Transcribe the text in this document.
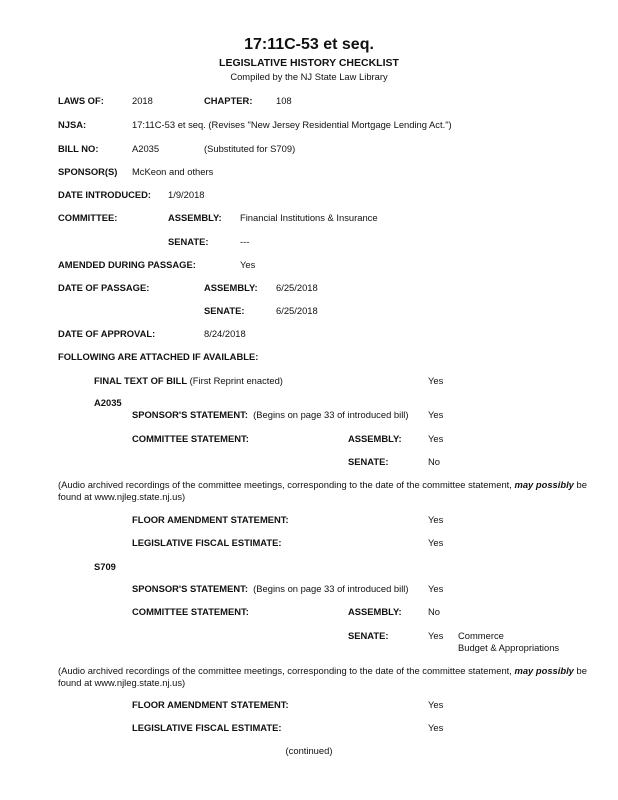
17:11C-53 et seq.
LEGISLATIVE HISTORY CHECKLIST
Compiled by the NJ State Law Library
LAWS OF:	2018	CHAPTER:	108
NJSA:	17:11C-53 et seq. (Revises "New Jersey Residential Mortgage Lending Act.")
BILL NO:	A2035	(Substituted for S709)
SPONSOR(S) McKeon and others
DATE INTRODUCED: 1/9/2018
COMMITTEE:	ASSEMBLY: Financial Institutions & Insurance
SENATE:	---
AMENDED DURING PASSAGE:	Yes
DATE OF PASSAGE:	ASSEMBLY: 6/25/2018
SENATE:	6/25/2018
DATE OF APPROVAL:	8/24/2018
FOLLOWING ARE ATTACHED IF AVAILABLE:
FINAL TEXT OF BILL (First Reprint enacted)	Yes
A2035
SPONSOR'S STATEMENT: (Begins on page 33 of introduced bill) Yes
COMMITTEE STATEMENT:	ASSEMBLY:	Yes
SENATE:	No
(Audio archived recordings of the committee meetings, corresponding to the date of the committee statement, may possibly be found at www.njleg.state.nj.us)
FLOOR AMENDMENT STATEMENT:	Yes
LEGISLATIVE FISCAL ESTIMATE:	Yes
S709
SPONSOR'S STATEMENT: (Begins on page 33 of introduced bill) Yes
COMMITTEE STATEMENT:	ASSEMBLY:	No
SENATE:	Yes Commerce
Budget & Appropriations
(Audio archived recordings of the committee meetings, corresponding to the date of the committee statement, may possibly be found at www.njleg.state.nj.us)
FLOOR AMENDMENT STATEMENT:	Yes
LEGISLATIVE FISCAL ESTIMATE:	Yes
(continued)
